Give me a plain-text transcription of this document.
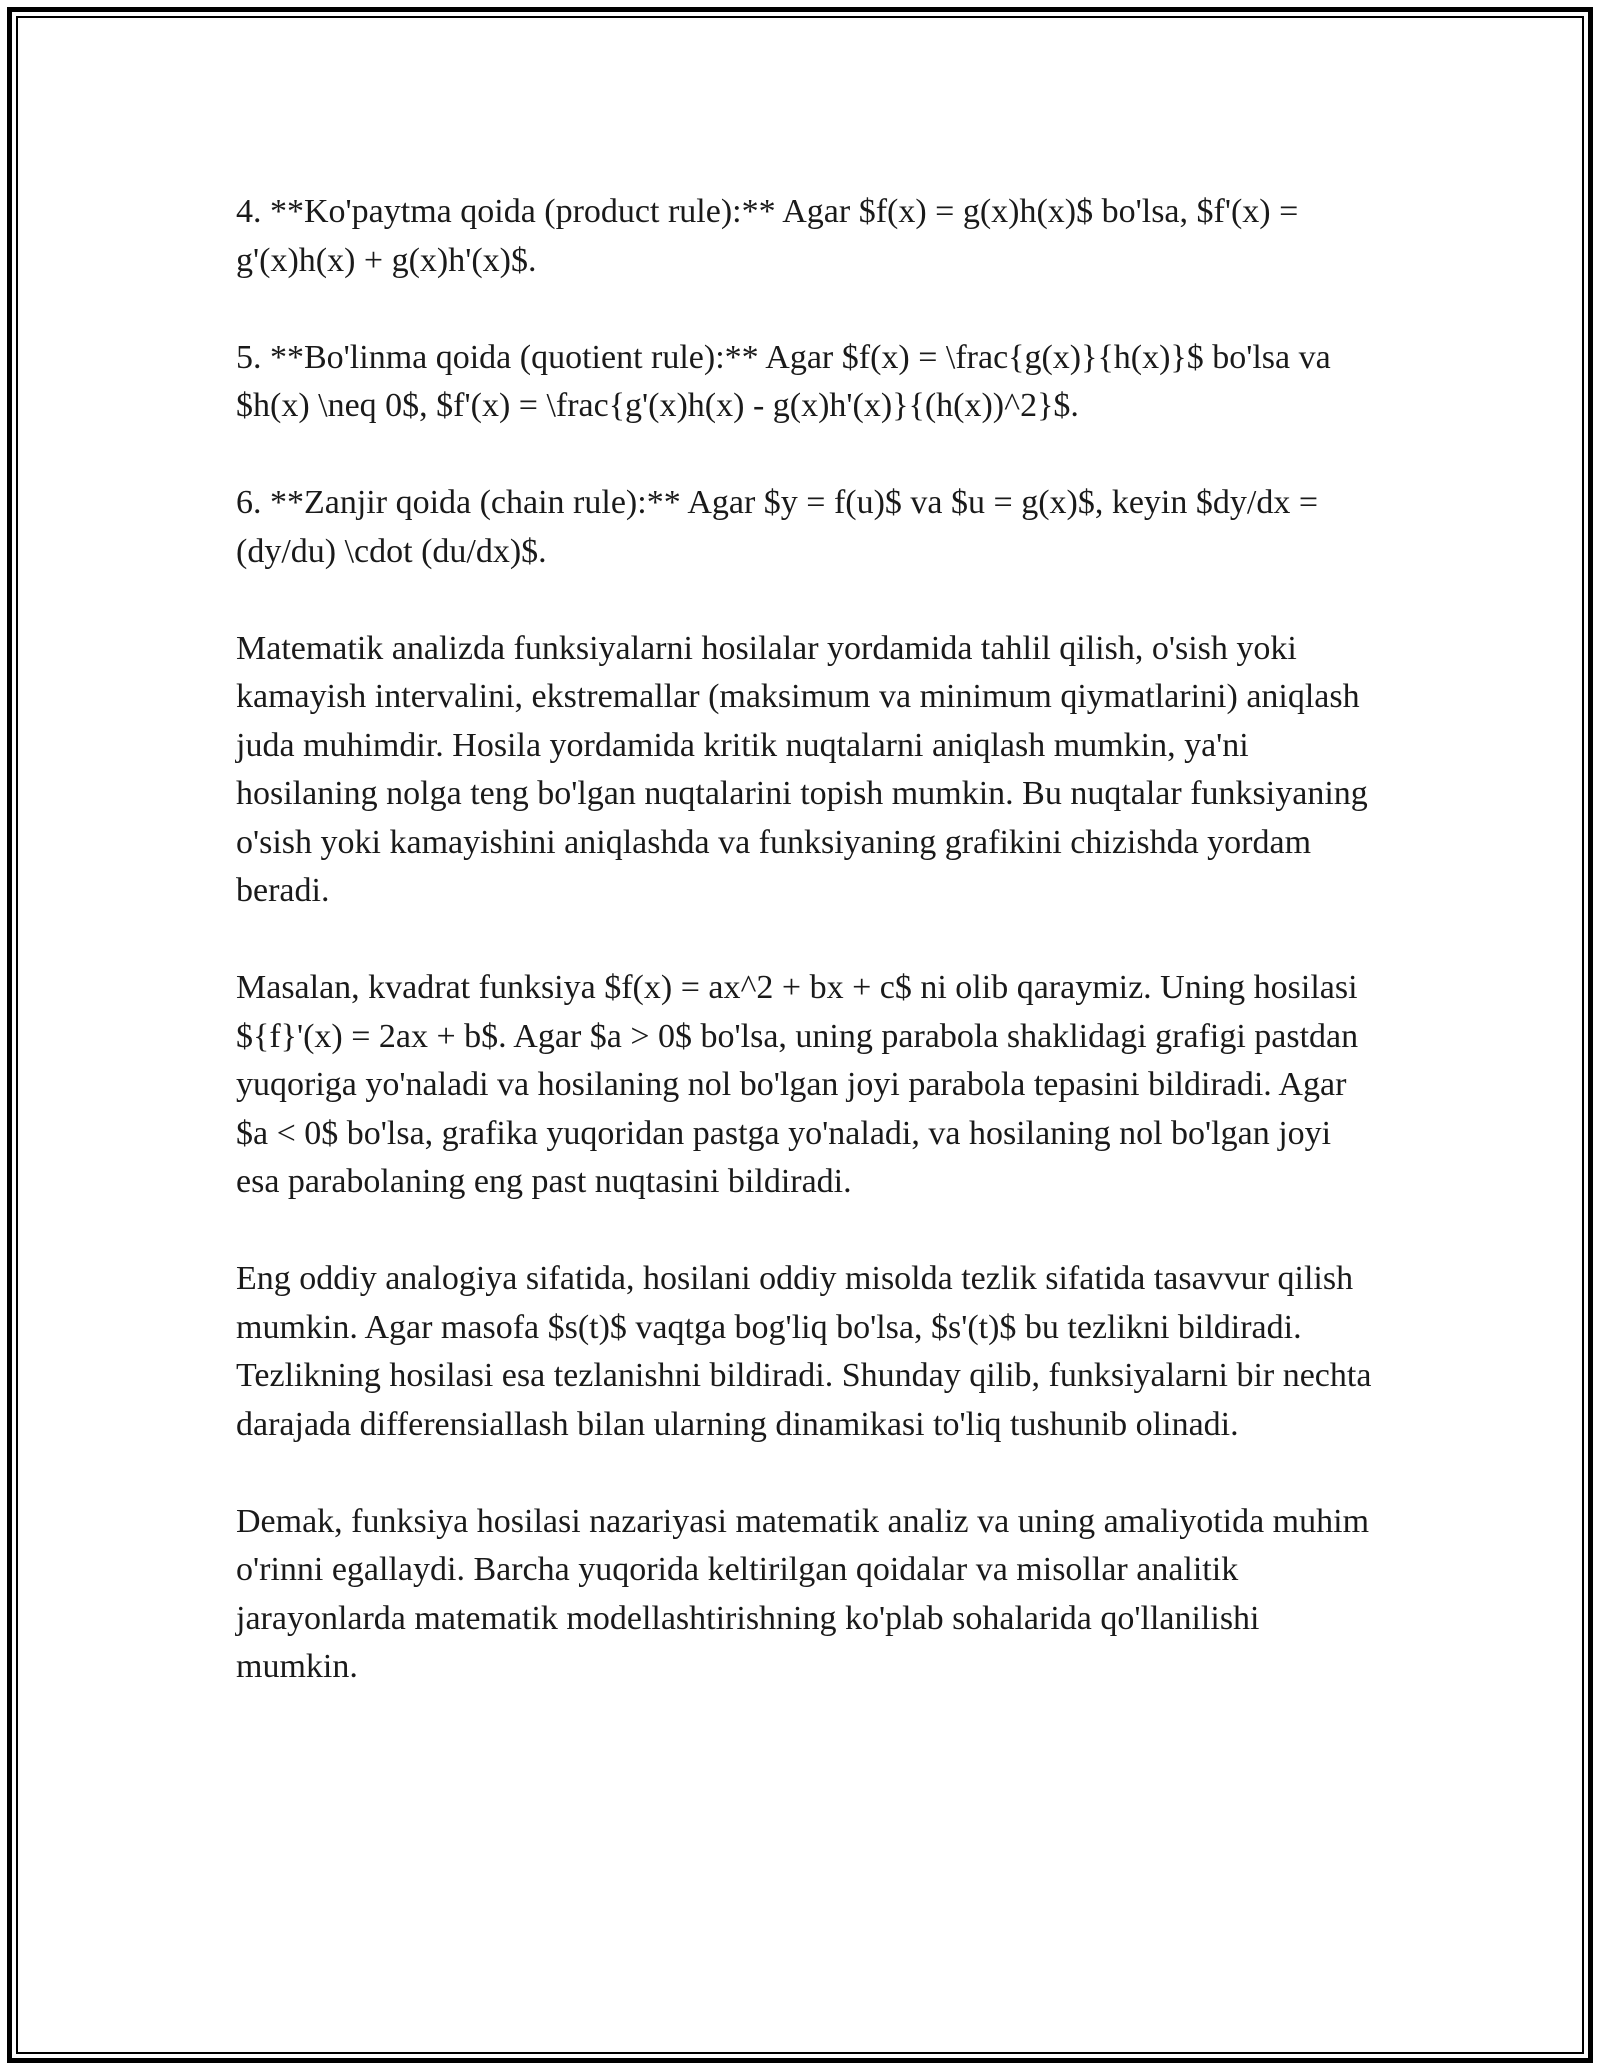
4. **Ko'paytma qoida (product rule):** Agar $f(x) = g(x)h(x)$ bo'lsa, $f'(x) = g'(x)h(x) + g(x)h'(x)$.

5. **Bo'linma qoida (quotient rule):** Agar $f(x) = \frac{g(x)}{h(x)}$ bo'lsa va $h(x) \neq 0$, $f'(x) = \frac{g'(x)h(x) - g(x)h'(x)}{(h(x))^2}$.

6. **Zanjir qoida (chain rule):** Agar $y = f(u)$ va $u = g(x)$, keyin $dy/dx = (dy/du) \cdot (du/dx)$.

Matematik analizda funksiyalarni hosilalar yordamida tahlil qilish, o'sish yoki kamayish intervalini, ekstremallar (maksimum va minimum qiymatlarini) aniqlash juda muhimdir. Hosila yordamida kritik nuqtalarni aniqlash mumkin, ya'ni hosilaning nolga teng bo'lgan nuqtalarini topish mumkin. Bu nuqtalar funksiyaning o'sish yoki kamayishini aniqlashda va funksiyaning grafikini chizishda yordam beradi.

Masalan, kvadrat funksiya $f(x) = ax^2 + bx + c$ ni olib qaraymiz. Uning hosilasi ${f}'(x) = 2ax + b$. Agar $a > 0$ bo'lsa, uning parabola shaklidagi grafigi pastdan yuqoriga yo'naladi va hosilaning nol bo'lgan joyi parabola tepasini bildiradi. Agar $a < 0$ bo'lsa, grafika yuqoridan pastga yo'naladi, va hosilaning nol bo'lgan joyi esa parabolaning eng past nuqtasini bildiradi.

Eng oddiy analogiya sifatida, hosilani oddiy misolda tezlik sifatida tasavvur qilish mumkin. Agar masofa $s(t)$ vaqtga bog'liq bo'lsa, $s'(t)$ bu tezlikni bildiradi. Tezlikning hosilasi esa tezlanishni bildiradi. Shunday qilib, funksiyalarni bir nechta darajada differensiallash bilan ularning dinamikasi to'liq tushunib olinadi.

Demak, funksiya hosilasi nazariyasi matematik analiz va uning amaliyotida muhim o'rinni egallaydi. Barcha yuqorida keltirilgan qoidalar va misollar analitik jarayonlarda matematik modellashtirishning ko'plab sohalarida qo'llanilishi mumkin.
